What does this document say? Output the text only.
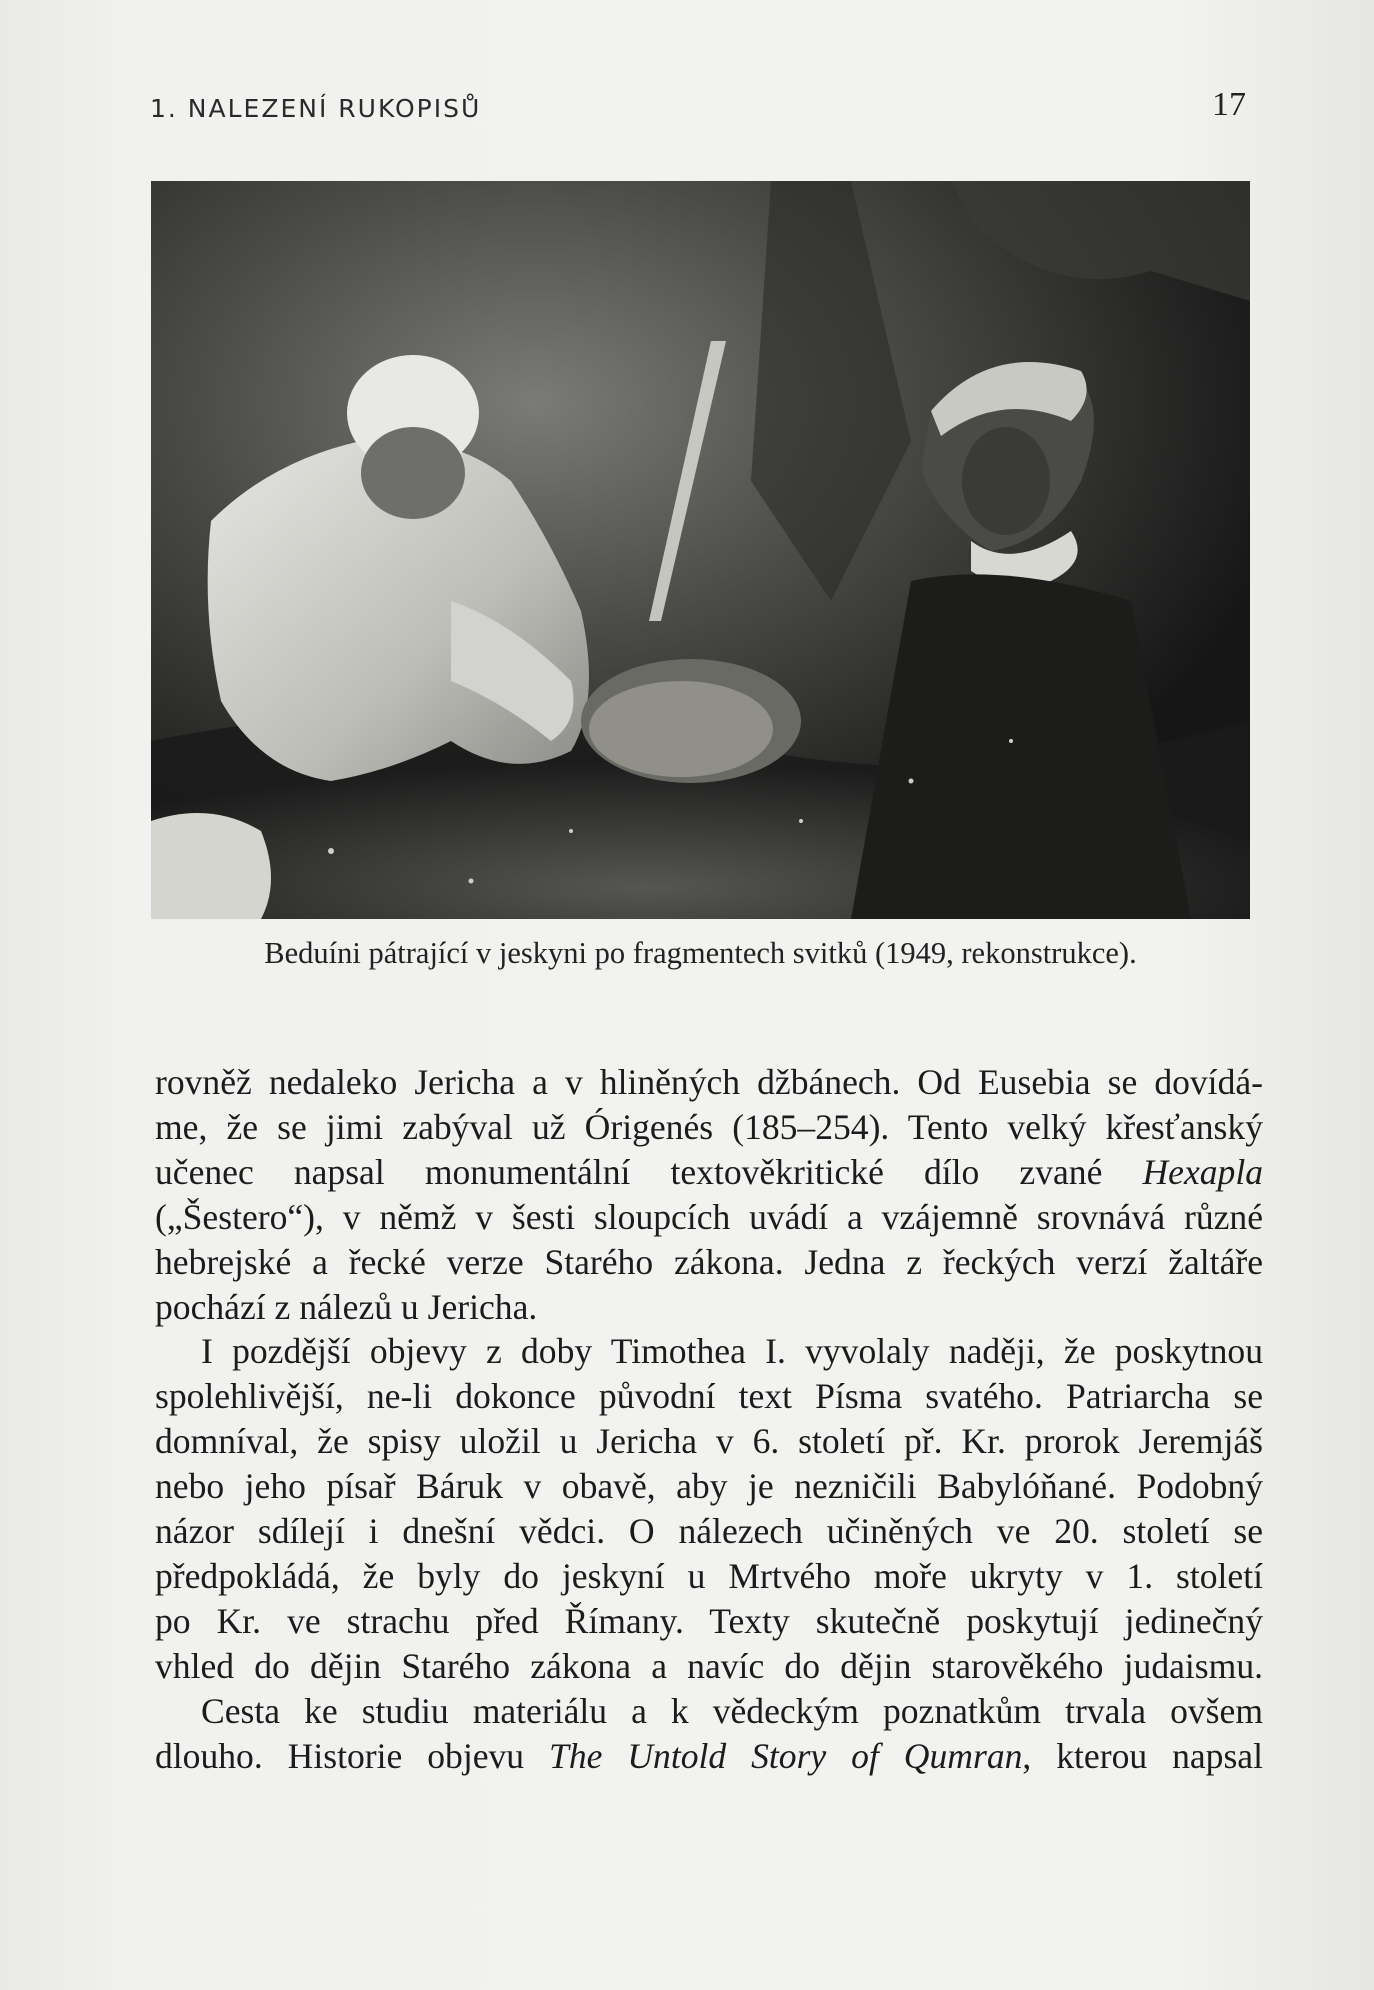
1. NALEZENÍ RUKOPISŮ	17
Beduíni pátrající v jeskyni po fragmentech svitků (1949, rekonstrukce).
rovněž nedaleko Jericha a v hliněných džbánech. Od Eusebia se dovídá-
me, že se jimi zabýval už Órigenés (185–254). Tento velký křesťanský
učenec napsal monumentální textověkritické dílo zvané Hexapla
(„Šestero“), v němž v šesti sloupcích uvádí a vzájemně srovnává různé
hebrejské a řecké verze Starého zákona. Jedna z řeckých verzí žaltáře
pochází z nálezů u Jericha.
I pozdější objevy z doby Timothea I. vyvolaly naději, že poskytnou
spolehlivější, ne-li dokonce původní text Písma svatého. Patriarcha se
domníval, že spisy uložil u Jericha v 6. století př. Kr. prorok Jeremjáš
nebo jeho písař Báruk v obavě, aby je nezničili Babylóňané. Podobný
názor sdílejí i dnešní vědci. O nálezech učiněných ve 20. století se
předpokládá, že byly do jeskyní u Mrtvého moře ukryty v 1. století
po Kr. ve strachu před Římany. Texty skutečně poskytují jedinečný
vhled do dějin Starého zákona a navíc do dějin starověkého judaismu.
Cesta ke studiu materiálu a k vědeckým poznatkům trvala ovšem
dlouho. Historie objevu The Untold Story of Qumran, kterou napsal
